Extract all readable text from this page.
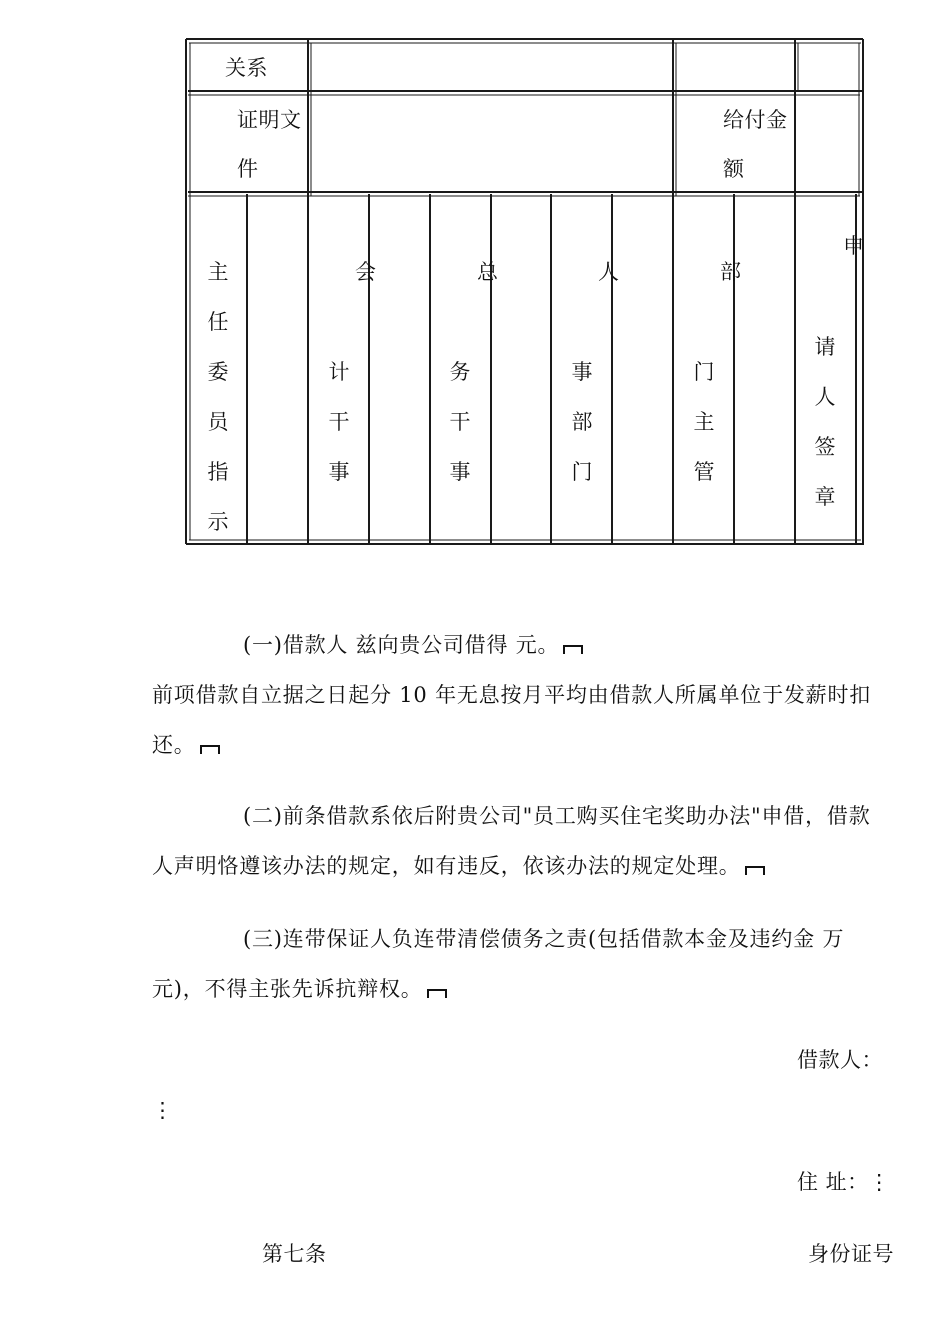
关系
证明文
件
给付金
额
主
任
委
员
指
示
会
计
干
事
总
务
干
事
人
事
部
门
部
门
主
管
申
请
人
签
章
(一)借款人 兹向贵公司借得 元。
前项借款自立据之日起分 10 年无息按月平均由借款人所属单位于发薪时扣
还。
(二)前条借款系依后附贵公司"员工购买住宅奖助办法"申借，借款
人声明恪遵该办法的规定，如有违反，依该办法的规定处理。
(三)连带保证人负连带清偿债务之责(包括借款本金及违约金 万
元)，不得主张先诉抗辩权。
借款人：
⋮
住 址：⋮
第七条	身份证号
